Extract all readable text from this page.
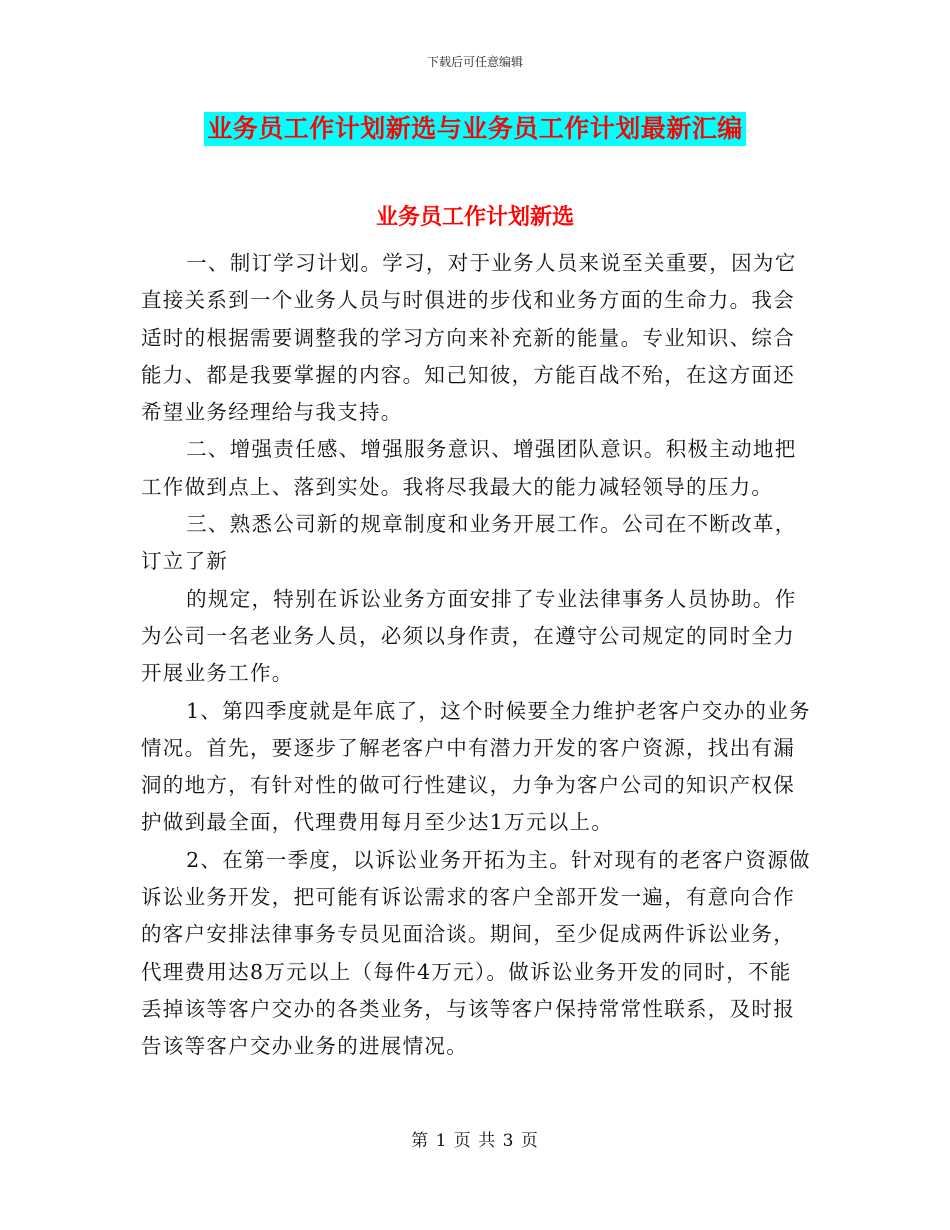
下载后可任意编辑
业务员工作计划新选与业务员工作计划最新汇编
业务员工作计划新选

一、制订学习计划。学习，对于业务人员来说至关重要，因为它直接关系到一个业务人员与时俱进的步伐和业务方面的生命力。我会适时的根据需要调整我的学习方向来补充新的能量。专业知识、综合能力、都是我要掌握的内容。知己知彼，方能百战不殆，在这方面还希望业务经理给与我支持。

二、增强责任感、增强服务意识、增强团队意识。积极主动地把工作做到点上、落到实处。我将尽我最大的能力减轻领导的压力。

三、熟悉公司新的规章制度和业务开展工作。公司在不断改革，订立了新

的规定，特别在诉讼业务方面安排了专业法律事务人员协助。作为公司一名老业务人员，必须以身作责，在遵守公司规定的同时全力开展业务工作。

1、第四季度就是年底了，这个时候要全力维护老客户交办的业务情况。首先，要逐步了解老客户中有潜力开发的客户资源，找出有漏洞的地方，有针对性的做可行性建议，力争为客户公司的知识产权保护做到最全面，代理费用每月至少达1万元以上。

2、在第一季度，以诉讼业务开拓为主。针对现有的老客户资源做诉讼业务开发，把可能有诉讼需求的客户全部开发一遍，有意向合作的客户安排法律事务专员见面洽谈。期间，至少促成两件诉讼业务，代理费用达8万元以上（每件4万元）。做诉讼业务开发的同时，不能丢掉该等客户交办的各类业务，与该等客户保持常常性联系，及时报告该等客户交办业务的进展情况。

第 1 页 共 3 页
